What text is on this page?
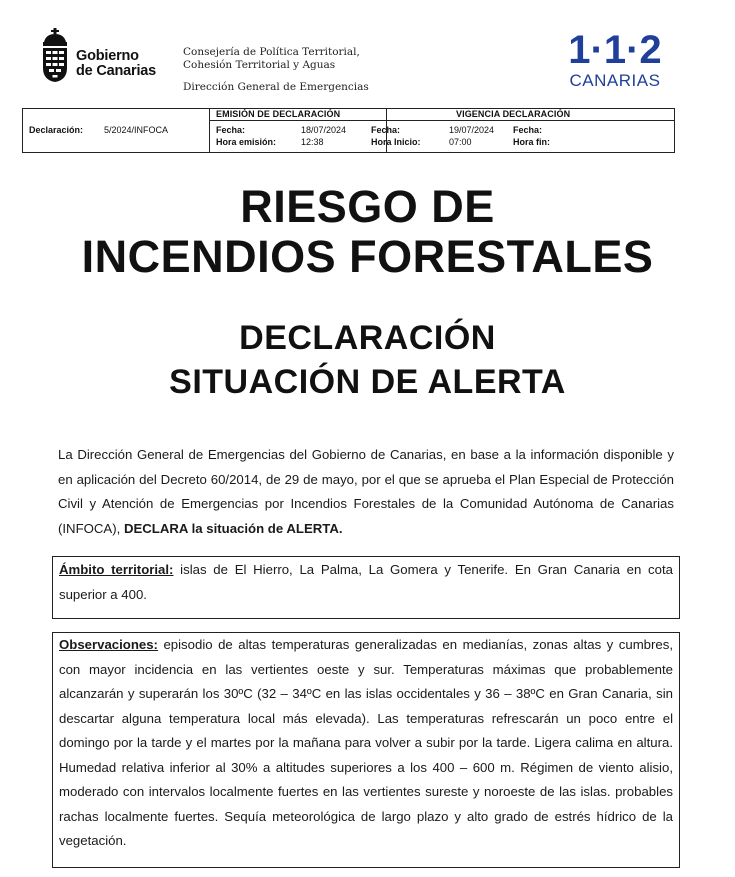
Gobierno
de Canarias
Consejería de Política Territorial,
Cohesión Territorial y Aguas
Dirección General de Emergencias
1·1·2
CANARIAS
Declaración: 5/2024/INFOCA
EMISIÓN DE DECLARACIÓN
Fecha:	18/07/2024
Hora emisión:	12:38
VIGENCIA DECLARACIÓN
Fecha:	19/07/2024
Hora Inicio:	07:00
Fecha:
Hora fin:
RIESGO DE
INCENDIOS FORESTALES
DECLARACIÓN
SITUACIÓN DE ALERTA
La Dirección General de Emergencias del Gobierno de Canarias, en base a la información disponible y en aplicación del Decreto 60/2014, de 29 de mayo, por el que se aprueba el Plan Especial de Protección Civil y Atención de Emergencias por Incendios Forestales de la Comunidad Autónoma de Canarias (INFOCA), DECLARA la situación de ALERTA.
Ámbito territorial: islas de El Hierro, La Palma, La Gomera y Tenerife. En Gran Canaria en cota superior a 400.
Observaciones: episodio de altas temperaturas generalizadas en medianías, zonas altas y cumbres, con mayor incidencia en las vertientes oeste y sur. Temperaturas máximas que probablemente alcanzarán y superarán los 30ºC (32 – 34ºC en las islas occidentales y 36 – 38ºC en Gran Canaria, sin descartar alguna temperatura local más elevada). Las temperaturas refrescarán un poco entre el domingo por la tarde y el martes por la mañana para volver a subir por la tarde. Ligera calima en altura. Humedad relativa inferior al 30% a altitudes superiores a los 400 – 600 m. Régimen de viento alisio, moderado con intervalos localmente fuertes en las vertientes sureste y noroeste de las islas. probables rachas localmente fuertes. Sequía meteorológica de largo plazo y alto grado de estrés hídrico de la vegetación.
